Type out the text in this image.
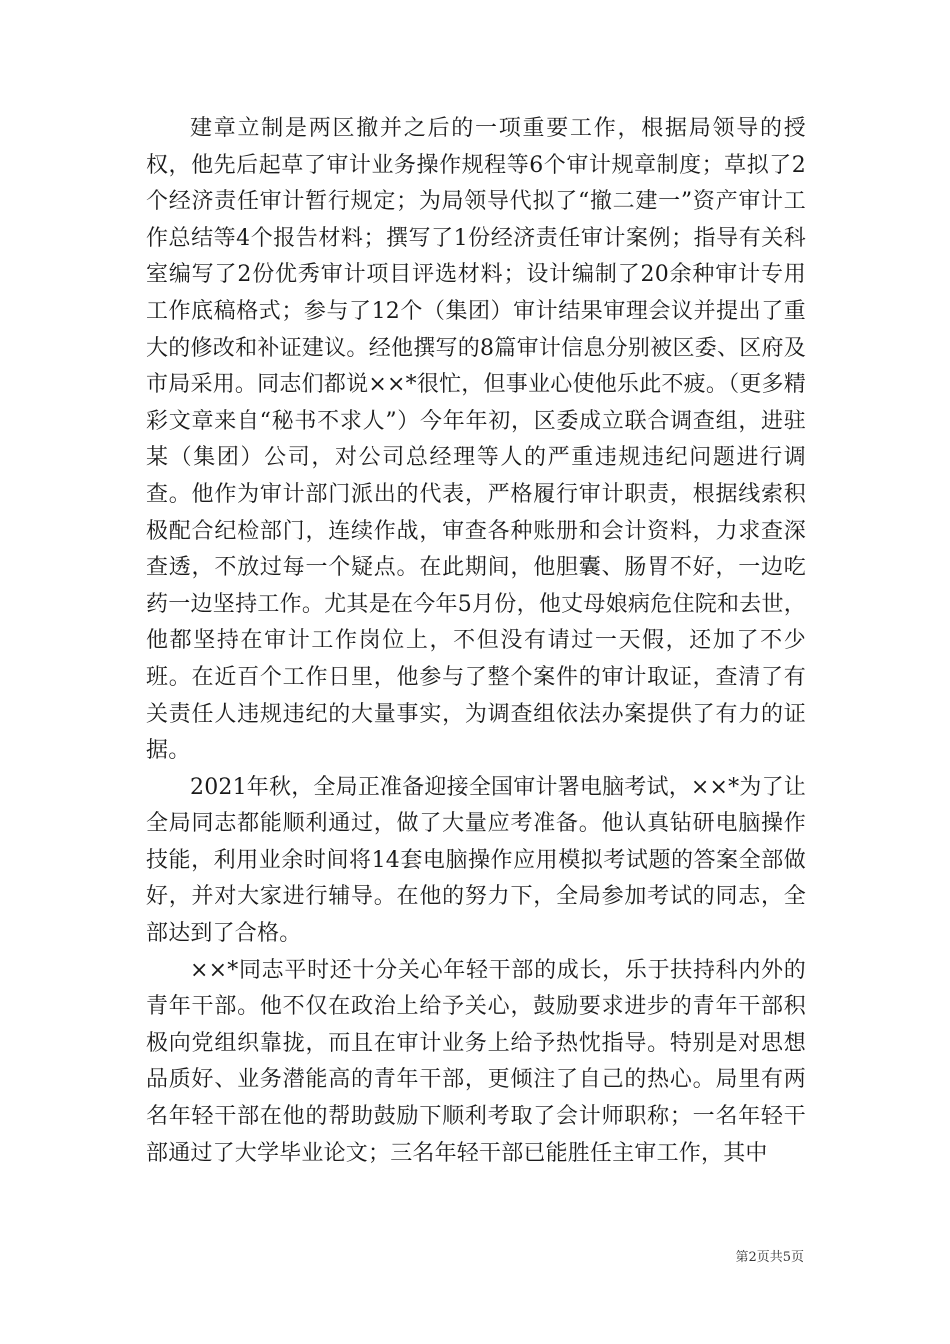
建章立制是两区撤并之后的一项重要工作，根据局领导的授权，他先后起草了审计业务操作规程等6个审计规章制度；草拟了2个经济责任审计暂行规定；为局领导代拟了“撤二建一”资产审计工作总结等4个报告材料；撰写了1份经济责任审计案例；指导有关科室编写了2份优秀审计项目评选材料；设计编制了20余种审计专用工作底稿格式；参与了12个（集团）审计结果审理会议并提出了重大的修改和补证建议。经他撰写的8篇审计信息分别被区委、区府及市局采用。同志们都说××*很忙，但事业心使他乐此不疲。（更多精彩文章来自“秘书不求人”）今年年初，区委成立联合调查组，进驻某（集团）公司，对公司总经理等人的严重违规违纪问题进行调查。他作为审计部门派出的代表，严格履行审计职责，根据线索积极配合纪检部门，连续作战，审查各种账册和会计资料，力求查深查透，不放过每一个疑点。在此期间，他胆囊、肠胃不好，一边吃药一边坚持工作。尤其是在今年5月份，他丈母娘病危住院和去世，他都坚持在审计工作岗位上，不但没有请过一天假，还加了不少班。在近百个工作日里，他参与了整个案件的审计取证，查清了有关责任人违规违纪的大量事实，为调查组依法办案提供了有力的证据。

2021年秋，全局正准备迎接全国审计署电脑考试，××*为了让全局同志都能顺利通过，做了大量应考准备。他认真钻研电脑操作技能，利用业余时间将14套电脑操作应用模拟考试题的答案全部做好，并对大家进行辅导。在他的努力下，全局参加考试的同志，全部达到了合格。

××*同志平时还十分关心年轻干部的成长，乐于扶持科内外的青年干部。他不仅在政治上给予关心，鼓励要求进步的青年干部积极向党组织靠拢，而且在审计业务上给予热忱指导。特别是对思想品质好、业务潜能高的青年干部，更倾注了自己的热心。局里有两名年轻干部在他的帮助鼓励下顺利考取了会计师职称；一名年轻干部通过了大学毕业论文；三名年轻干部已能胜任主审工作，其中

第2页共5页
